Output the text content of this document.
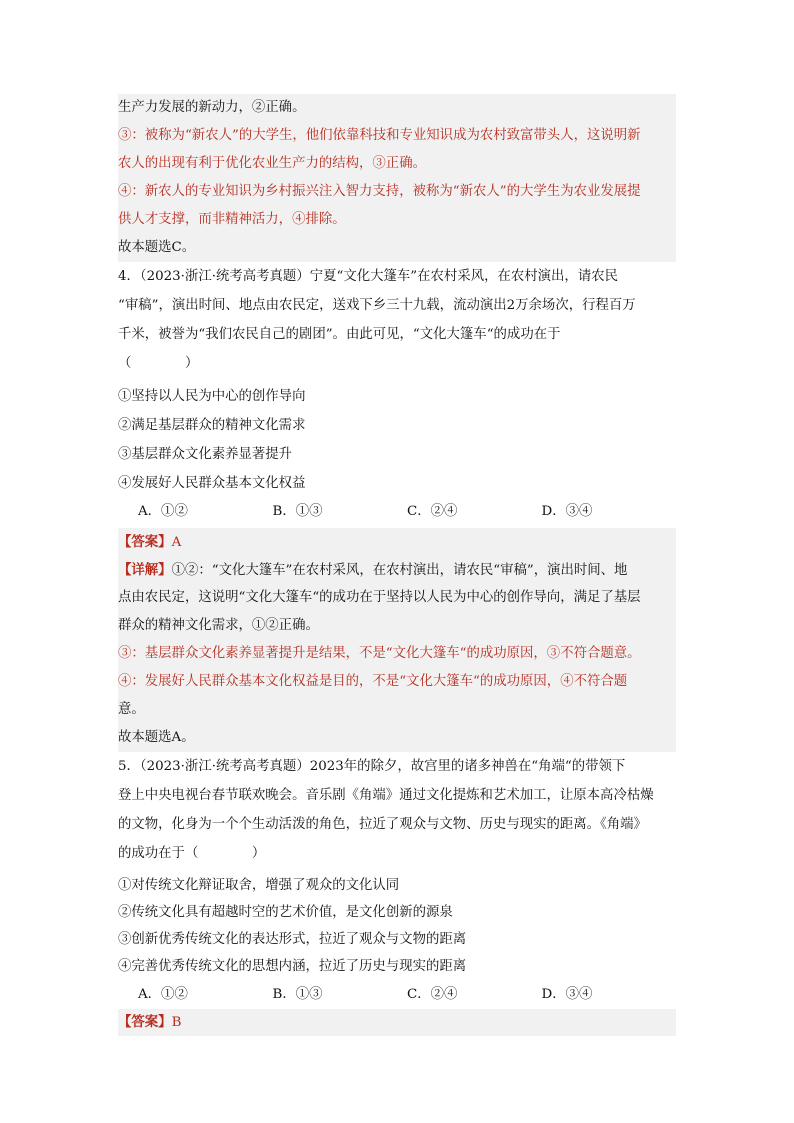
生产力发展的新动力，②正确。
③：被称为“新农人”的大学生，他们依靠科技和专业知识成为农村致富带头人，这说明新
农人的出现有利于优化农业生产力的结构，③正确。
④：新农人的专业知识为乡村振兴注入智力支持，被称为“新农人”的大学生为农业发展提
供人才支撑，而非精神活力，④排除。
故本题选C。
4．（2023·浙江·统考高考真题）宁夏“文化大篷车”在农村采风，在农村演出，请农民
“审稿”，演出时间、地点由农民定，送戏下乡三十九载，流动演出2万余场次，行程百万
千米，被誉为“我们农民自己的剧团”。由此可见，“文化大篷车“的成功在于
（　　　　）
①坚持以人民为中心的创作导向
②满足基层群众的精神文化需求
③基层群众文化素养显著提升
④发展好人民群众基本文化权益
A．①②	B．①③	C．②④	D．③④
【答案】A
【详解】①②：“文化大篷车”在农村采风，在农村演出，请农民“审稿”，演出时间、地
点由农民定，这说明“文化大篷车“的成功在于坚持以人民为中心的创作导向，满足了基层
群众的精神文化需求，①②正确。
③：基层群众文化素养显著提升是结果，不是“文化大篷车“的成功原因，③不符合题意。
④：发展好人民群众基本文化权益是目的，不是“文化大篷车“的成功原因，④不符合题
意。
故本题选A。
5．（2023·浙江·统考高考真题）2023年的除夕，故宫里的诸多神兽在“角端“的带领下
登上中央电视台春节联欢晚会。音乐剧《角端》通过文化提炼和艺术加工，让原本高冷枯燥
的文物，化身为一个个生动活泼的角色，拉近了观众与文物、历史与现实的距离。《角端》
的成功在于（　　　　）
①对传统文化辩证取舍，增强了观众的文化认同
②传统文化具有超越时空的艺术价值，是文化创新的源泉
③创新优秀传统文化的表达形式，拉近了观众与文物的距离
④完善优秀传统文化的思想内涵，拉近了历史与现实的距离
A．①②	B．①③	C．②④	D．③④
【答案】B
